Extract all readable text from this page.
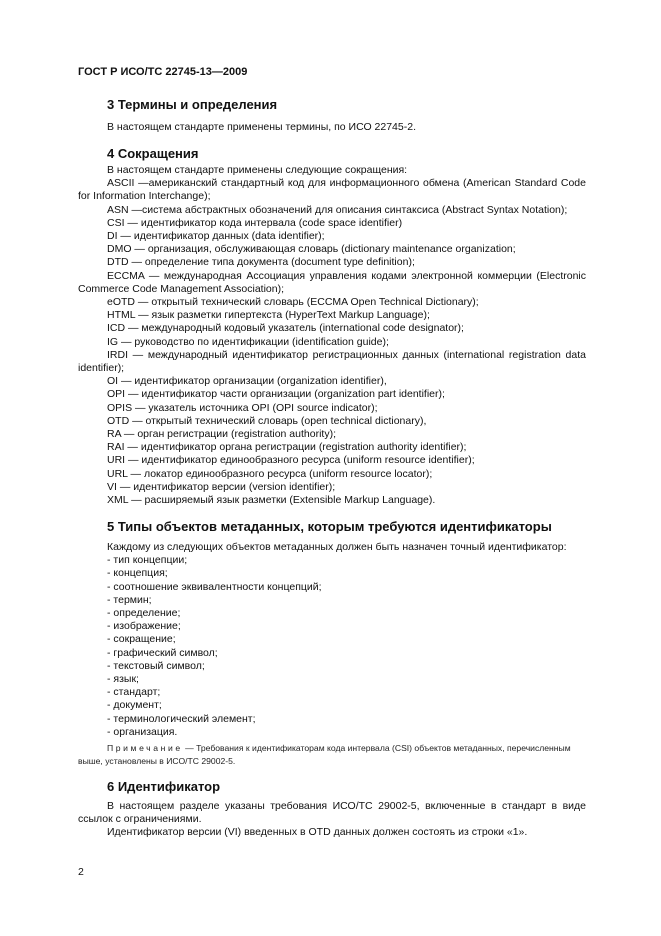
ГОСТ Р ИСО/ТС 22745-13—2009
3 Термины и определения

В настоящем стандарте применены термины, по ИСО 22745-2.

4 Сокращения

В настоящем стандарте применены следующие сокращения:

ASCII —американский стандартный код для информационного обмена (American Standard Code for Information Interchange);

ASN —система абстрактных обозначений для описания синтаксиса (Abstract Syntax Notation);

CSI — идентификатор кода интервала (code space identifier)

DI — идентификатор данных (data identifier);

DMO — организация, обслуживающая словарь (dictionary maintenance organization;

DTD — определение типа документа (document type definition);

ECCMA — международная Ассоциация управления кодами электронной коммерции (Electronic Commerce Code Management Association);

eOTD — открытый технический словарь (ECCMA Open Technical Dictionary);

HTML — язык разметки гипертекста (HyperText Markup Language);

ICD — международный кодовый указатель (international code designator);

IG — руководство по идентификации (identification guide);

IRDI — международный идентификатор регистрационных данных (international registration data identifier);

OI — идентификатор организации (organization identifier),

OPI — идентификатор части организации (organization part identifier);

OPIS — указатель источника OPI (OPI source indicator);

OTD — открытый технический словарь (open technical dictionary),

RA — орган регистрации (registration authority);

RAI — идентификатор органа регистрации (registration authority identifier);

URI — идентификатор единообразного ресурса (uniform resource identifier);

URL — локатор единообразного ресурса (uniform resource locator);

VI — идентификатор версии (version identifier);

XML — расширяемый язык разметки (Extensible Markup Language).

5 Типы объектов метаданных, которым требуются идентификаторы

Каждому из следующих объектов метаданных должен быть назначен точный идентификатор:

- тип концепции;

- концепция;

- соотношение эквивалентности концепций;

- термин;

- определение;

- изображение;

- сокращение;

- графический символ;

- текстовый символ;

- язык;

- стандарт;

- документ;

- терминологический элемент;

- организация.

Примечание — Требования к идентификаторам кода интервала (CSI) объектов метаданных, перечисленным выше, установлены в ИСО/ТС 29002-5.
6 Идентификатор

В настоящем разделе указаны требования ИСО/ТС 29002-5, включенные в стандарт в виде ссылок с ограничениями.

Идентификатор версии (VI) введенных в OTD данных должен состоять из строки «1».

2
